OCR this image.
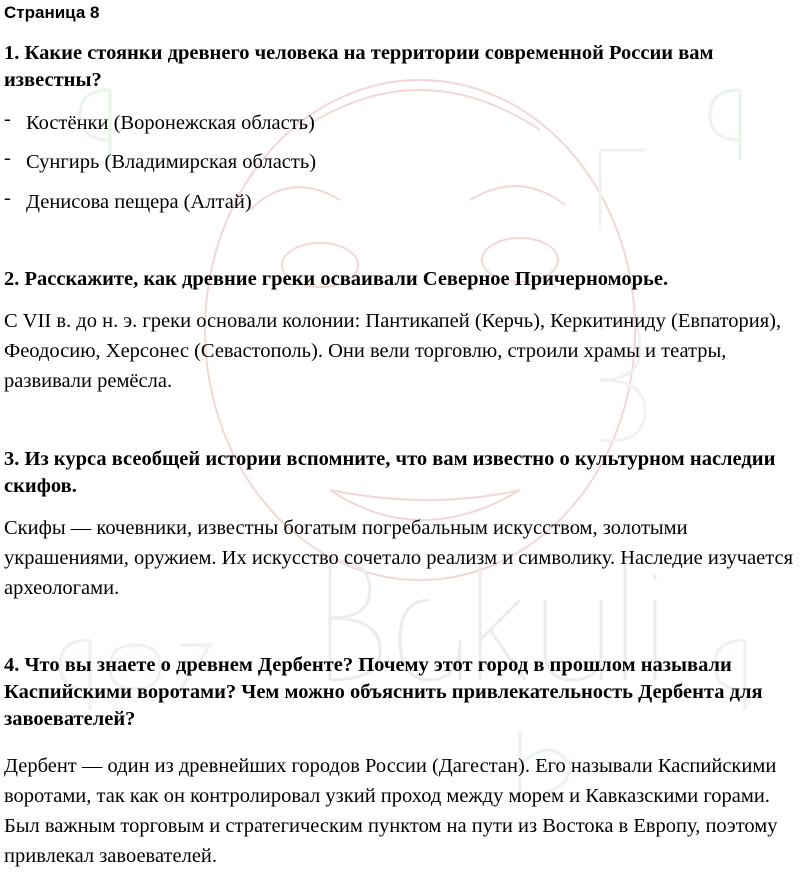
Страница 8
1. Какие стоянки древнего человека на территории современной России вам известны?
- Костёнки (Воронежская область)
- Сунгирь (Владимирская область)
- Денисова пещера (Алтай)
2. Расскажите, как древние греки осваивали Северное Причерноморье.
С VII в. до н. э. греки основали колонии: Пантикапей (Керчь), Керкитиниду (Евпатория), Феодосию, Херсонес (Севастополь). Они вели торговлю, строили храмы и театры, развивали ремёсла.
3. Из курса всеобщей истории вспомните, что вам известно о культурном наследии скифов.
Скифы — кочевники, известны богатым погребальным искусством, золотыми украшениями, оружием. Их искусство сочетало реализм и символику. Наследие изучается археологами.
4. Что вы знаете о древнем Дербенте? Почему этот город в прошлом называли Каспийскими воротами? Чем можно объяснить привлекательность Дербента для завоевателей?
Дербент — один из древнейших городов России (Дагестан). Его называли Каспийскими воротами, так как он контролировал узкий проход между морем и Кавказскими горами. Был важным торговым и стратегическим пунктом на пути из Востока в Европу, поэтому привлекал завоевателей.
